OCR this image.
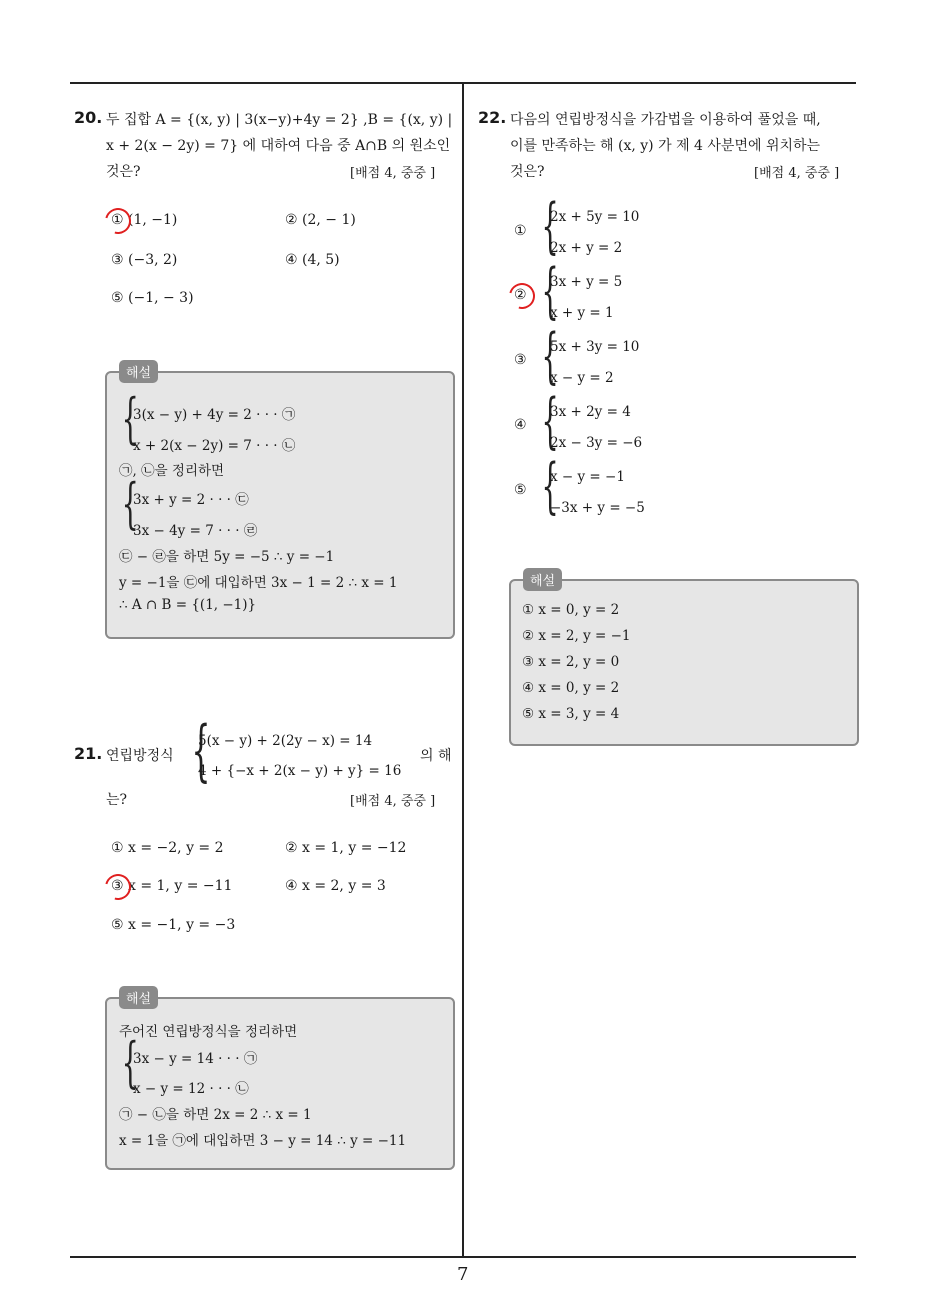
20. 두 집합 A = {(x, y) | 3(x−y)+4y = 2} ,B = {(x, y) |
x + 2(x − 2y) = 7} 에 대하여 다음 중 A∩B 의 원소인
것은?	[배점 4, 중중 ]
① (1, −1)	② (2, − 1)
③ (−3, 2)	④ (4, 5)
⑤ (−1, − 3)
해설
{
3(x − y) + 4y = 2 · · · ㉠
x + 2(x − 2y) = 7 · · · ㉡
㉠, ㉡을 정리하면
{
3x + y = 2 · · · ㉢
3x − 4y = 7 · · · ㉣
㉢ − ㉣을 하면 5y = −5 ∴ y = −1
y = −1을 ㉢에 대입하면 3x − 1 = 2 ∴ x = 1
∴ A ∩ B = {(1, −1)}
21. 연립방정식 {
5(x − y) + 2(2y − x) = 14
4 + {−x + 2(x − y) + y} = 16
의 해
는?	[배점 4, 중중 ]
① x = −2, y = 2	② x = 1, y = −12
③ x = 1, y = −11	④ x = 2, y = 3
⑤ x = −1, y = −3
해설
주어진 연립방정식을 정리하면
{
3x − y = 14 · · · ㉠
x − y = 12 · · · ㉡
㉠ − ㉡을 하면 2x = 2 ∴ x = 1
x = 1을 ㉠에 대입하면 3 − y = 14 ∴ y = −11
22. 다음의 연립방정식을 가감법을 이용하여 풀었을 때,
이를 만족하는 해 (x, y) 가 제 4 사분면에 위치하는
것은?	[배점 4, 중중 ]
① {
2x + 5y = 10
2x + y = 2
② {
3x + y = 5
x + y = 1
③ {
5x + 3y = 10
x − y = 2
④ {
3x + 2y = 4
2x − 3y = −6
⑤ {
x − y = −1
−3x + y = −5
해설
① x = 0, y = 2
② x = 2, y = −1
③ x = 2, y = 0
④ x = 0, y = 2
⑤ x = 3, y = 4
7
